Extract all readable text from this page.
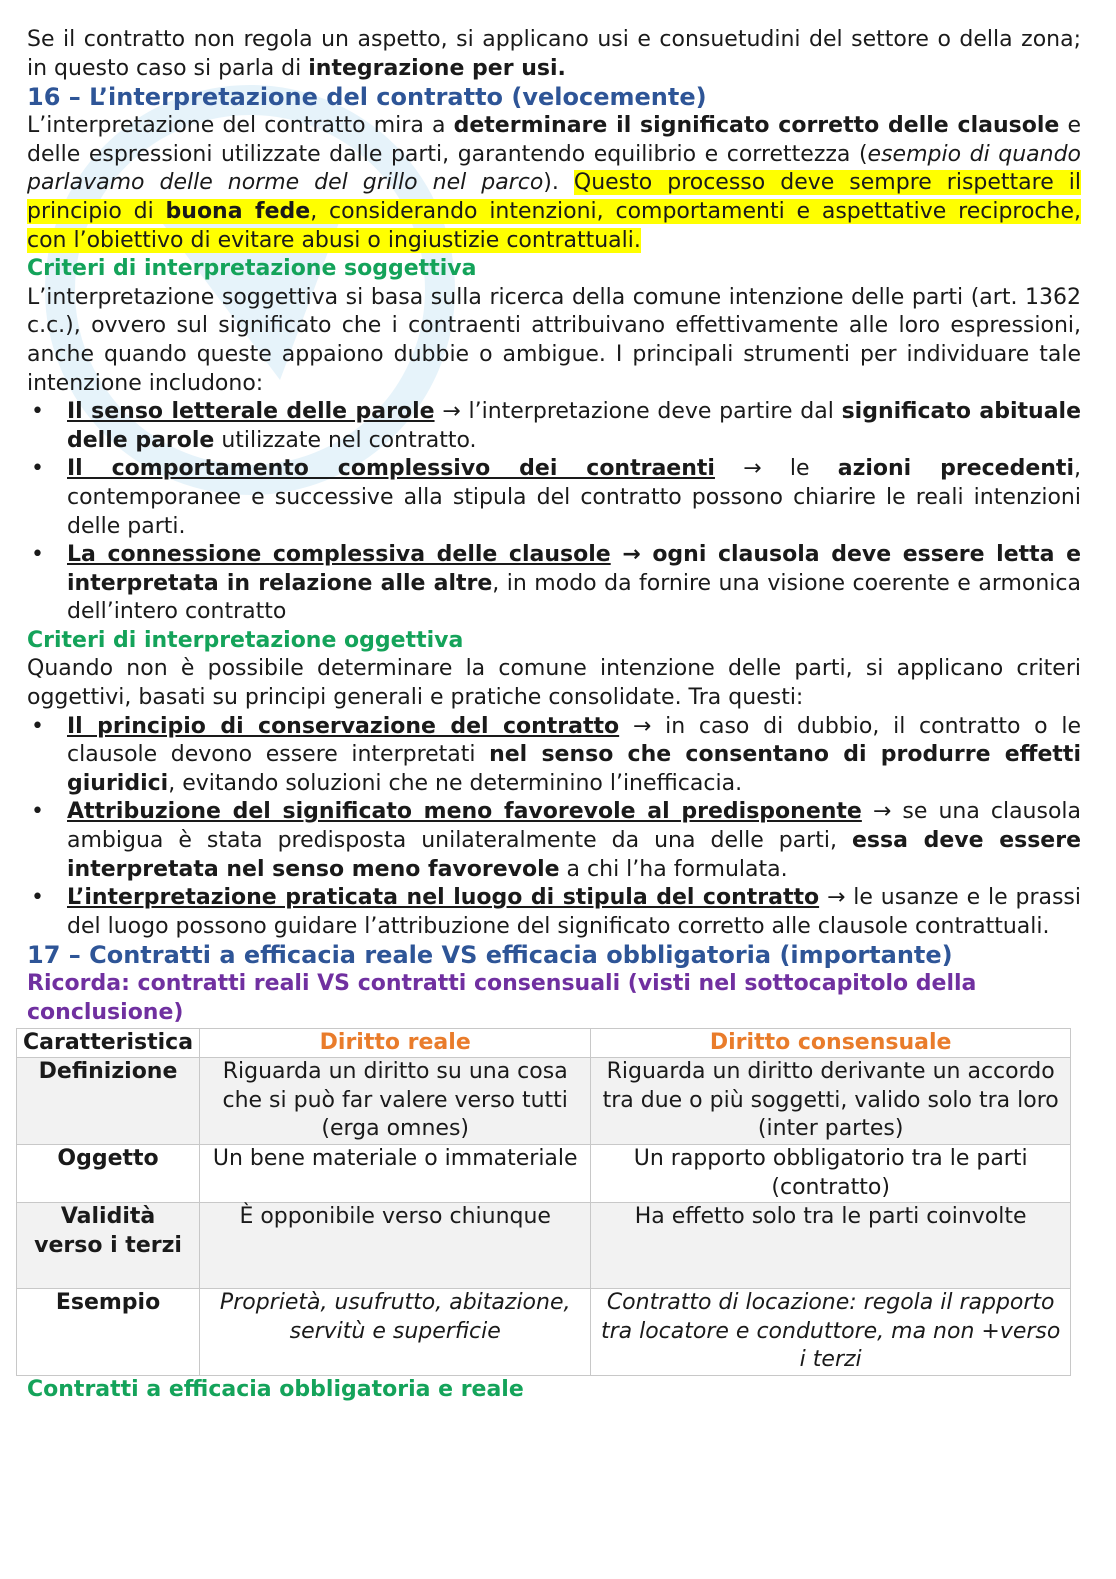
Se il contratto non regola un aspetto, si applicano usi e consuetudini del settore o della zona; in questo caso si parla di integrazione per usi.

16 – L’interpretazione del contratto (velocemente)

L’interpretazione del contratto mira a determinare il significato corretto delle clausole e delle espressioni utilizzate dalle parti, garantendo equilibrio e correttezza (esempio di quando parlavamo delle norme del grillo nel parco). Questo processo deve sempre rispettare il principio di buona fede, considerando intenzioni, comportamenti e aspettative reciproche, con l’obiettivo di evitare abusi o ingiustizie contrattuali.

Criteri di interpretazione soggettiva

L’interpretazione soggettiva si basa sulla ricerca della comune intenzione delle parti (art. 1362 c.c.), ovvero sul significato che i contraenti attribuivano effettivamente alle loro espressioni, anche quando queste appaiono dubbie o ambigue. I principali strumenti per individuare tale intenzione includono:

• Il senso letterale delle parole → l’interpretazione deve partire dal significato abituale delle parole utilizzate nel contratto.
• Il comportamento complessivo dei contraenti → le azioni precedenti, contemporanee e successive alla stipula del contratto possono chiarire le reali intenzioni delle parti.
• La connessione complessiva delle clausole → ogni clausola deve essere letta e interpretata in relazione alle altre, in modo da fornire una visione coerente e armonica dell’intero contratto
Criteri di interpretazione oggettiva

Quando non è possibile determinare la comune intenzione delle parti, si applicano criteri oggettivi, basati su principi generali e pratiche consolidate. Tra questi:

• Il principio di conservazione del contratto → in caso di dubbio, il contratto o le clausole devono essere interpretati nel senso che consentano di produrre effetti giuridici, evitando soluzioni che ne determinino l’inefficacia.
• Attribuzione del significato meno favorevole al predisponente → se una clausola ambigua è stata predisposta unilateralmente da una delle parti, essa deve essere interpretata nel senso meno favorevole a chi l’ha formulata.
• L’interpretazione praticata nel luogo di stipula del contratto → le usanze e le prassi del luogo possono guidare l’attribuzione del significato corretto alle clausole contrattuali.
17 – Contratti a efficacia reale VS efficacia obbligatoria (importante)
Ricorda: contratti reali VS contratti consensuali (visti nel sottocapitolo della conclusione)
Caratteristica	Diritto reale	Diritto consensuale
Definizione	Riguarda un diritto su una cosa che si può far valere verso tutti (erga omnes)	Riguarda un diritto derivante un accordo tra due o più soggetti, valido solo tra loro (inter partes)
Oggetto	Un bene materiale o immateriale	Un rapporto obbligatorio tra le parti (contratto)
Validità verso i terzi	È opponibile verso chiunque	Ha effetto solo tra le parti coinvolte
Esempio	Proprietà, usufrutto, abitazione, servitù e superficie	Contratto di locazione: regola il rapporto tra locatore e conduttore, ma non +verso i terzi
Contratti a efficacia obbligatoria e reale
